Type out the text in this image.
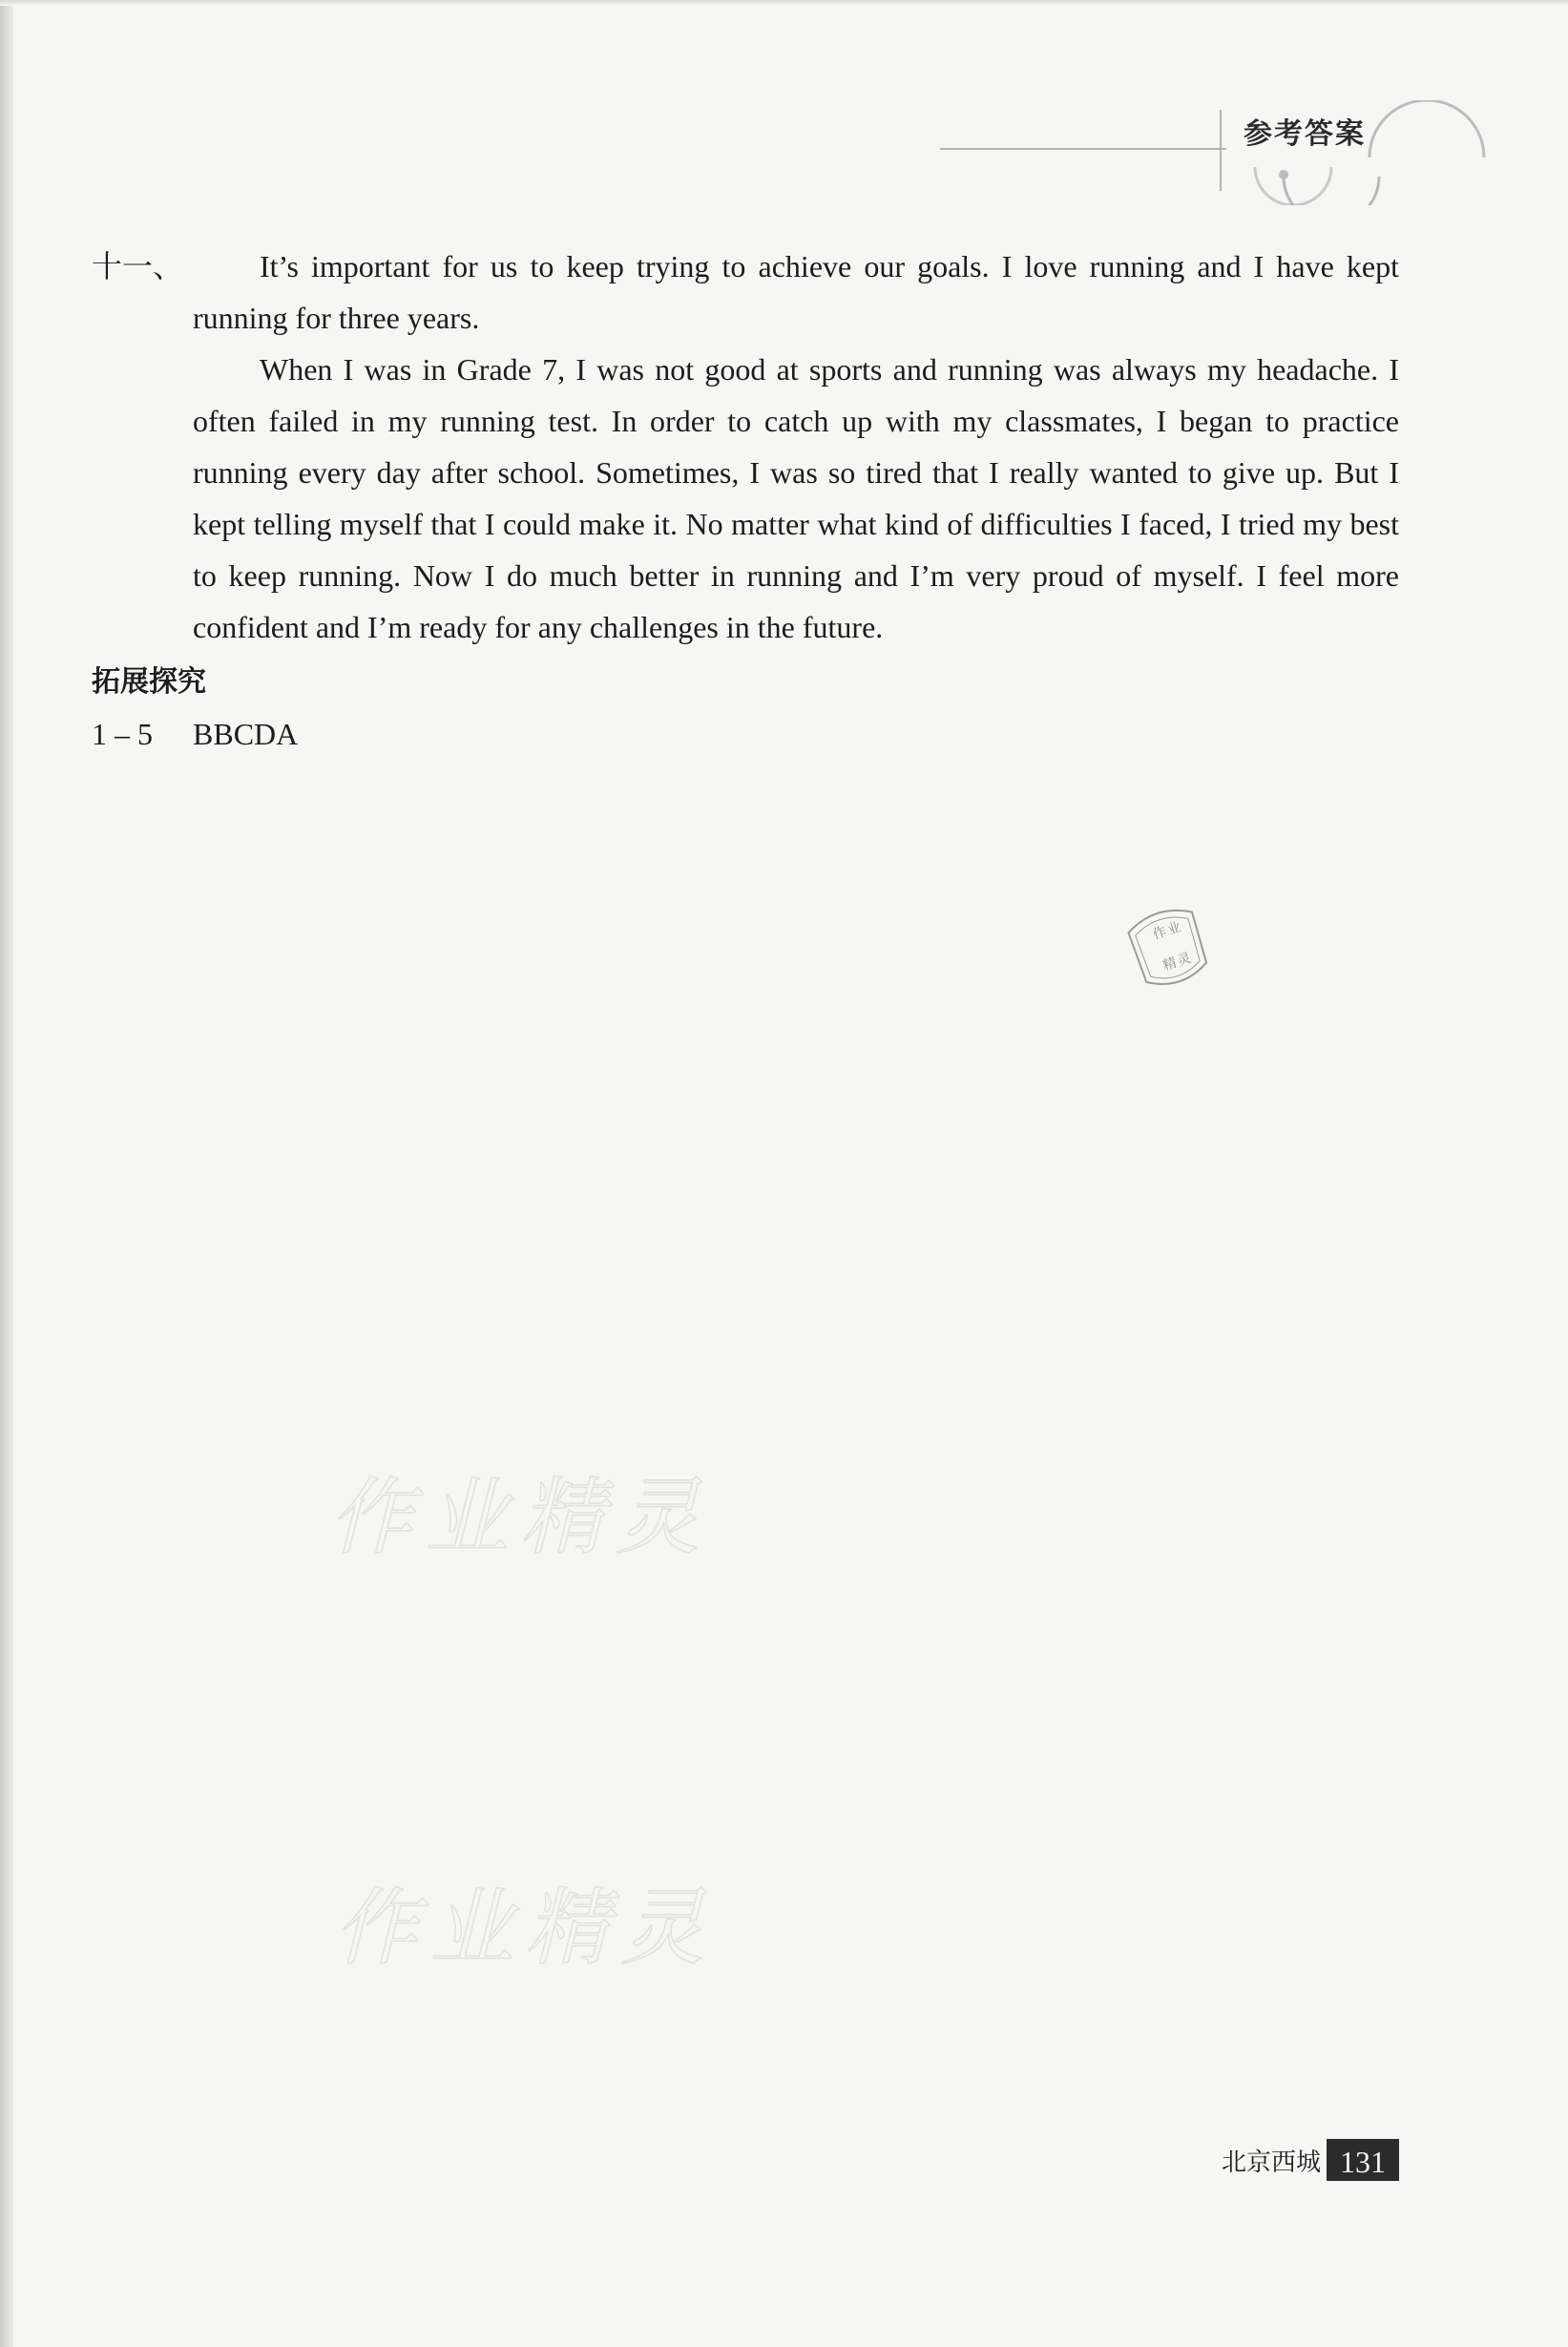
参考答案
十一、	It’s important for us to keep trying to achieve our goals. I love running and I have kept running for three years.

When I was in Grade 7, I was not good at sports and running was always my headache. I often failed in my running test. In order to catch up with my classmates, I began to practice running every day after school. Sometimes, I was so tired that I really wanted to give up. But I kept telling myself that I could make it. No matter what kind of difficulties I faced, I tried my best to keep running. Now I do much better in running and I’m very proud of myself. I feel more confident and I’m ready for any challenges in the future.

拓展探究
1 – 5 BBCDA
作
业
精
灵
作业精灵
作业精灵
北京西城 131
